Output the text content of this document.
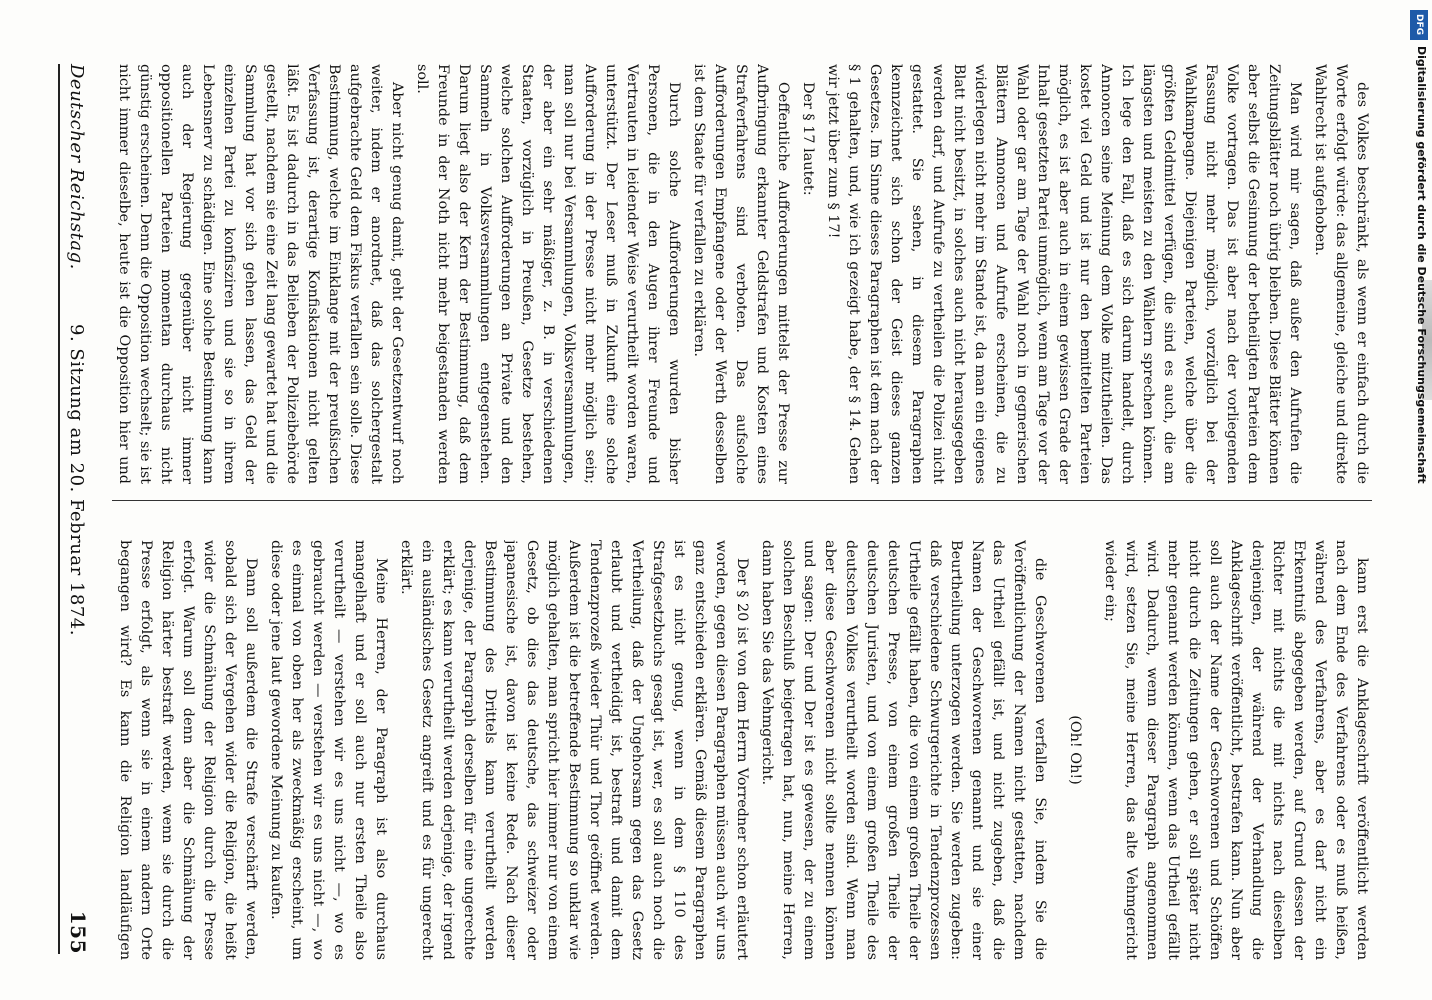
des Volkes beschränkt, als wenn er einfach durch die Worte erfolgt würde: das allgemeine, gleiche und direkte Wahlrecht ist aufgehoben.

Man wird mir sagen, daß außer den Aufrufen die Zeitungsblätter noch übrig bleiben. Diese Blätter können aber selbst die Gesinnung der betheiligten Parteien dem Volke vortragen. Das ist aber nach der vorliegenden Fassung nicht mehr möglich, vorzüglich bei der Wahlkampagne. Diejenigen Parteien, welche über die größten Geldmittel verfügen, die sind es auch, die am längsten und meisten zu den Wählern sprechen können. Ich lege den Fall, daß es sich darum handelt, durch Annoncen seine Meinung dem Volke mitzutheilen. Das kostet viel Geld und ist nur den bemittelten Parteien möglich, es ist aber auch in einem gewissen Grade der Inhalt gesetzten Partei unmöglich, wenn am Tage vor der Wahl oder gar am Tage der Wahl noch in gegnerischen Blättern Annoncen und Aufrufe erscheinen, die zu widerlegen nicht mehr im Stande ist, da man ein eigenes Blatt nicht besitzt, in solches auch nicht herausgegeben werden darf, und Aufrufe zu vertheilen die Polizei nicht gestattet. Sie sehen, in diesem Paragraphen kennzeichnet sich schon der Geist dieses ganzen Gesetzes. Im Sinne dieses Paragraphen ist dem nach der § 1 gehalten, und, wie ich gezeigt habe, der § 14. Gehen wir jetzt über zum § 17!

Der § 17 lautet:

Oeffentliche Aufforderungen mittelst der Presse zur Aufbringung erkannter Geldstrafen und Kosten eines Strafverfahrens sind verboten. Das aufsolche Aufforderungen Empfangene oder der Werth desselben ist dem Staate für verfallen zu erklären.

Durch solche Aufforderungen wurden bisher Personen, die in den Augen ihrer Freunde und Vertrauten in leidender Weise verurtheilt worden waren, unterstützt. Der Leser muß in Zukunft eine solche Aufforderung in der Presse nicht mehr möglich sein; man soll nur bei Versammlungen, Volksversammlungen, der aber ein sehr mäßiger, z. B. in verschiedenen Staaten, vorzüglich in Preußen, Gesetze bestehen, welche solchen Aufforderungen an Private und den Sammeln in Volksversammlungen entgegenstehen. Darum liegt also der Kern der Bestimmung, daß dem Freunde in der Noth nicht mehr beigestanden werden soll.

Aber nicht genug damit, geht der Gesetzentwurf noch weiter, indem er anordnet, daß das solchergestalt aufgebrachte Geld dem Fiskus verfallen sein solle. Diese Bestimmung, welche im Einklange mit der preußischen Verfassung ist, derartige Konfiskationen nicht gelten läßt. Es ist dadurch in das Belieben der Polizeibehörde gestellt, nachdem sie eine Zeit lang gewartet hat und die Sammlung hat vor sich gehen lassen, das Geld der einzelnen Partei zu konfisziren und sie so in ihrem Lebensnerv zu schädigen. Eine solche Bestimmung kann auch der Regierung gegenüber nicht immer oppositionellen Parteien momentan durchaus nicht günstig erscheinen. Denn die Opposition wechselt; sie ist nicht immer dieselbe, heute ist die Opposition hier und

kann erst die Anklageschrift veröffentlicht werden nach dem Ende des Verfahrens oder es muß heißen, während des Verfahrens, aber es darf nicht ein Erkenntniß abgegeben werden, auf Grund dessen der Richter mit nichts die mit nichts nach dieselben denjenigen, der während der Verhandlung die Anklageschrift veröffentlicht, bestrafen kann. Nun aber soll auch der Name der Geschworenen und Schöffen nicht durch die Zeitungen gehen, er soll später nicht mehr genannt werden können, wenn das Urtheil gefällt wird. Dadurch, wenn dieser Paragraph angenommen wird, setzen Sie, meine Herren, das alte Vehmgericht wieder ein;

(Oh! Oh!)

die Geschworenen verfallen Sie, indem Sie die Veröffentlichung der Namen nicht gestatten, nachdem das Urtheil gefällt ist, und nicht zugeben, daß die Namen der Geschworenen genannt und sie einer Beurtheilung unterzogen werden. Sie werden zugeben: daß verschiedene Schwurgerichte in Tendenzprozessen Urtheile gefällt haben, die von einem großen Theile der deutschen Presse, von einem großen Theile der deutschen Juristen, und von einem großen Theile des deutschen Volkes verurtheilt worden sind. Wenn man aber diese Geschworenen nicht sollte nennen können und sagen: Der und Der ist es gewesen, der zu einem solchen Beschluß beigetragen hat, nun, meine Herren, dann haben Sie das Vehmgericht.

Der § 20 ist von dem Herrn Vorredner schon erläutert worden, gegen diesen Paragraphen müssen auch wir uns ganz entschieden erklären. Gemäß diesem Paragraphen ist es nicht genug, wenn in dem § 110 des Strafgesetzbuchs gesagt ist, wer, es soll auch noch die Vertheilung, daß der Ungehorsam gegen das Gesetz erlaubt und vertheidigt ist, bestraft und damit dem Tendenzprozeß wieder Thür und Thor geöffnet werden. Außerdem ist die betreffende Bestimmung so unklar wie möglich gehalten, man spricht hier immer nur von einem Gesetz, ob dies das deutsche, das schweizer oder japanesische ist, davon ist keine Rede. Nach dieser Bestimmung des Drittels kann verurtheilt werden derjenige, der Paragraph derselben für eine ungerechte erklärt; es kann verurtheilt werden derjenige, der irgend ein ausländisches Gesetz angreift und es für ungerecht erklärt.

Meine Herren, der Paragraph ist also durchaus mangelhaft und er soll auch nur ersten Theile also verurtheilt — verstehen wir es uns nicht —, wo es gebraucht werden — verstehen wir es uns nicht —, wo es einmal von oben her als zweckmäßig erscheint, um diese oder jene laut gewordene Meinung zu kaufen.

Dann soll außerdem die Strafe verschärft werden, sobald sich der Vergehen wider die Religion, die heißt wider die Schmähung der Religion durch die Presse erfolgt. Warum soll denn aber die Schmähung der Religion härter bestraft werden, wenn sie durch die Presse erfolgt, als wenn sie in einem andern Orte begangen wird? Es kann die Religion landläufigen

Deutscher Reichstag.
9. Sitzung am 20. Februar 1874.
155
DFG
Digitalisierung gefördert durch die Deutsche Forschungsgemeinschaft
